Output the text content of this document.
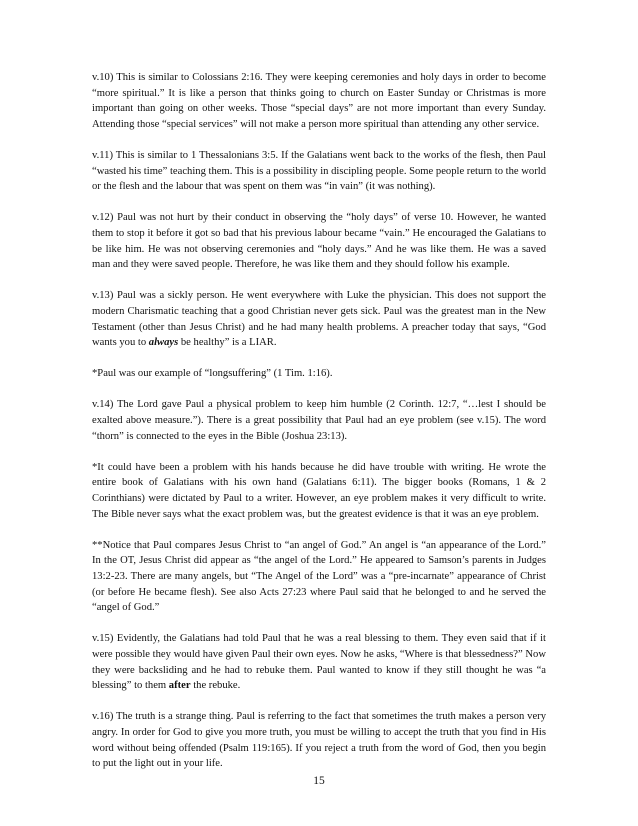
v.10) This is similar to Colossians 2:16. They were keeping ceremonies and holy days in order to become “more spiritual.” It is like a person that thinks going to church on Easter Sunday or Christmas is more important than going on other weeks. Those “special days” are not more important than every Sunday. Attending those “special services” will not make a person more spiritual than attending any other service.

v.11) This is similar to 1 Thessalonians 3:5. If the Galatians went back to the works of the flesh, then Paul “wasted his time” teaching them. This is a possibility in discipling people. Some people return to the world or the flesh and the labour that was spent on them was “in vain” (it was nothing).

v.12) Paul was not hurt by their conduct in observing the “holy days” of verse 10. However, he wanted them to stop it before it got so bad that his previous labour became “vain.” He encouraged the Galatians to be like him. He was not observing ceremonies and “holy days.” And he was like them. He was a saved man and they were saved people. Therefore, he was like them and they should follow his example.

v.13) Paul was a sickly person. He went everywhere with Luke the physician. This does not support the modern Charismatic teaching that a good Christian never gets sick. Paul was the greatest man in the New Testament (other than Jesus Christ) and he had many health problems. A preacher today that says, “God wants you to always be healthy” is a LIAR.

*Paul was our example of “longsuffering” (1 Tim. 1:16).

v.14) The Lord gave Paul a physical problem to keep him humble (2 Corinth. 12:7, “…lest I should be exalted above measure.”). There is a great possibility that Paul had an eye problem (see v.15). The word “thorn” is connected to the eyes in the Bible (Joshua 23:13).

*It could have been a problem with his hands because he did have trouble with writing. He wrote the entire book of Galatians with his own hand (Galatians 6:11). The bigger books (Romans, 1 & 2 Corinthians) were dictated by Paul to a writer. However, an eye problem makes it very difficult to write. The Bible never says what the exact problem was, but the greatest evidence is that it was an eye problem.

**Notice that Paul compares Jesus Christ to “an angel of God.” An angel is “an appearance of the Lord.” In the OT, Jesus Christ did appear as “the angel of the Lord.” He appeared to Samson’s parents in Judges 13:2-23. There are many angels, but “The Angel of the Lord” was a “pre-incarnate” appearance of Christ (or before He became flesh). See also Acts 27:23 where Paul said that he belonged to and he served the “angel of God.”

v.15) Evidently, the Galatians had told Paul that he was a real blessing to them. They even said that if it were possible they would have given Paul their own eyes. Now he asks, “Where is that blessedness?” Now they were backsliding and he had to rebuke them. Paul wanted to know if they still thought he was “a blessing” to them after the rebuke.

v.16) The truth is a strange thing. Paul is referring to the fact that sometimes the truth makes a person very angry. In order for God to give you more truth, you must be willing to accept the truth that you find in His word without being offended (Psalm 119:165). If you reject a truth from the word of God, then you begin to put the light out in your life.

15
